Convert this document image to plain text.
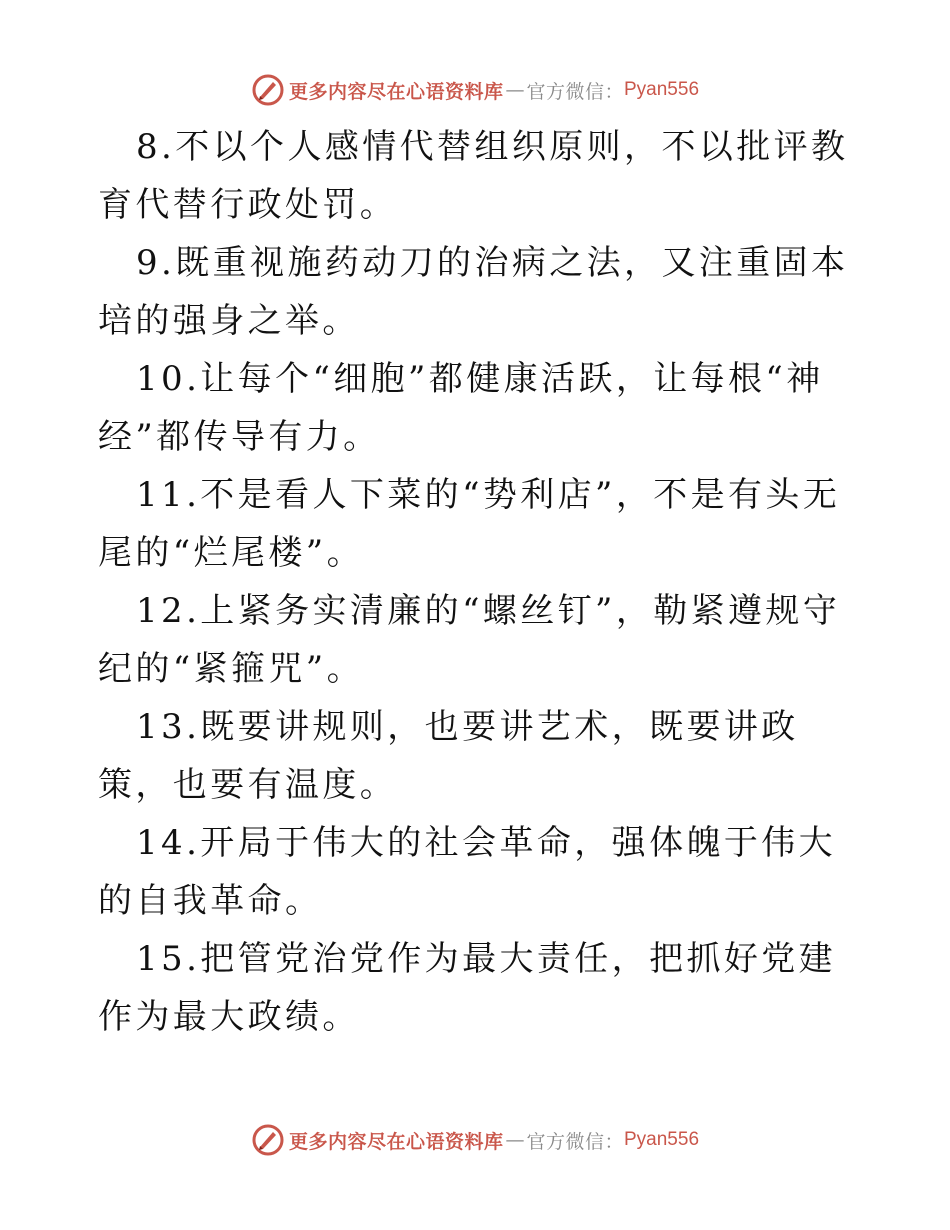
更多内容尽在心语资料库 — 官方微信： Pyan556

8.不以个人感情代替组织原则，不以批评教育代替行政处罚。

9.既重视施药动刀的治病之法，又注重固本培的强身之举。

10.让每个“细胞”都健康活跃，让每根“神经”都传导有力。

11.不是看人下菜的“势利店”，不是有头无尾的“烂尾楼”。

12.上紧务实清廉的“螺丝钉”，勒紧遵规守纪的“紧箍咒”。

13.既要讲规则，也要讲艺术，既要讲政策，也要有温度。

14.开局于伟大的社会革命，强体魄于伟大的自我革命。

15.把管党治党作为最大责任，把抓好党建作为最大政绩。

更多内容尽在心语资料库 — 官方微信： Pyan556
